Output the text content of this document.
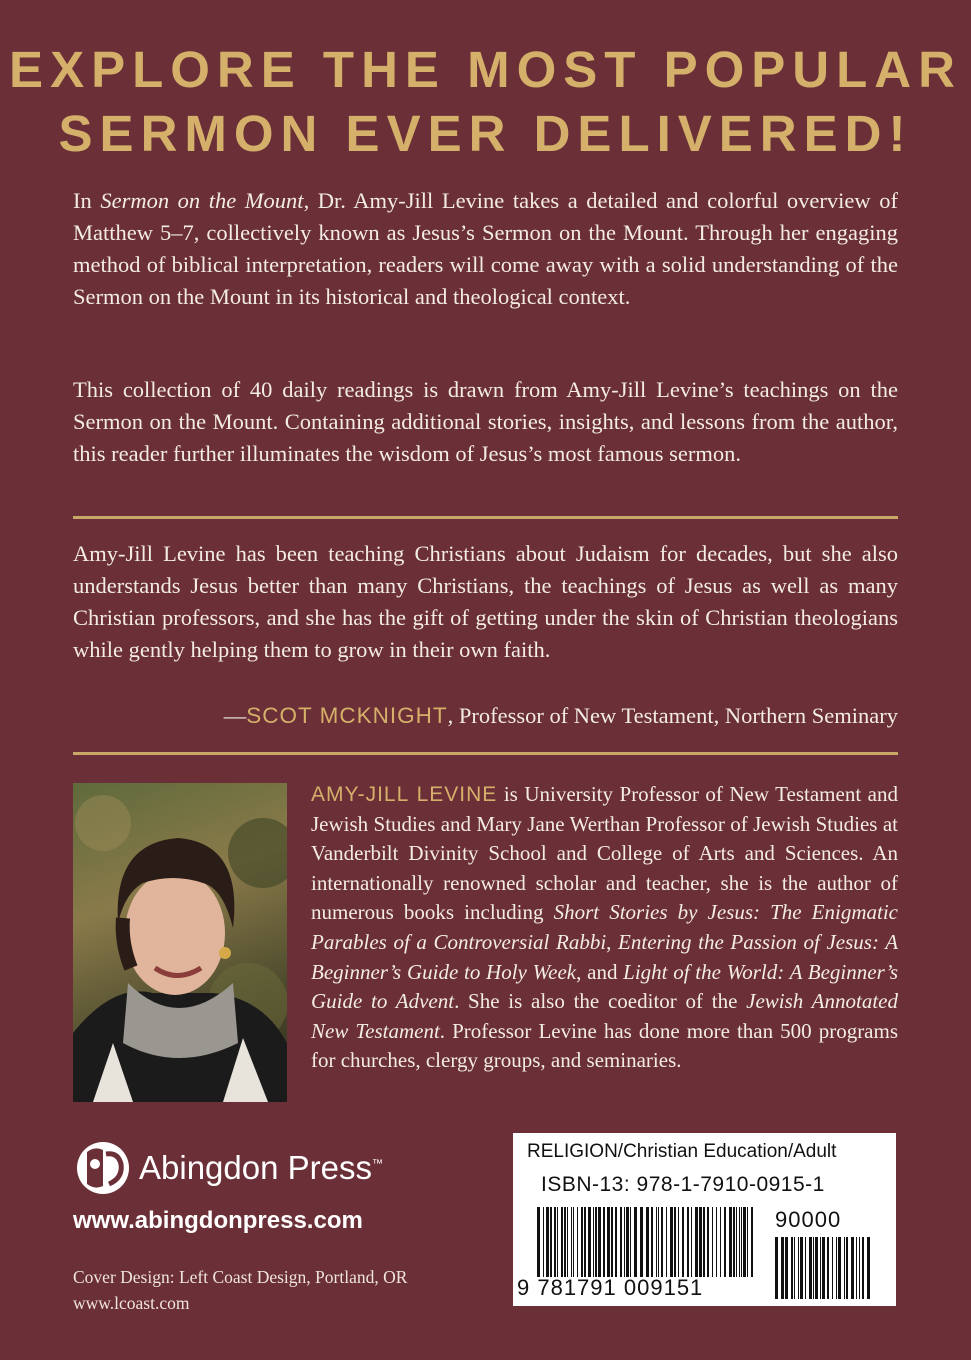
EXPLORE THE MOST POPULAR
SERMON EVER DELIVERED!
In Sermon on the Mount, Dr. Amy-Jill Levine takes a detailed and colorful overview of Matthew 5–7, collectively known as Jesus’s Sermon on the Mount. Through her engaging method of biblical interpretation, readers will come away with a solid understanding of the Sermon on the Mount in its historical and theological context.
This collection of 40 daily readings is drawn from Amy-Jill Levine’s teachings on the Sermon on the Mount. Containing additional stories, insights, and lessons from the author, this reader further illuminates the wisdom of Jesus’s most famous sermon.
Amy-Jill Levine has been teaching Christians about Judaism for decades, but she also understands Jesus better than many Christians, the teachings of Jesus as well as many Christian professors, and she has the gift of getting under the skin of Christian theologians while gently helping them to grow in their own faith.
—SCOT MCKNIGHT, Professor of New Testament, Northern Seminary
AMY-JILL LEVINE is University Professor of New Testament and Jewish Studies and Mary Jane Werthan Professor of Jewish Studies at Vanderbilt Divinity School and College of Arts and Sciences. An internationally renowned scholar and teacher, she is the author of numerous books including Short Stories by Jesus: The Enigmatic Parables of a Controversial Rabbi, Entering the Passion of Jesus: A Beginner’s Guide to Holy Week, and Light of the World: A Beginner’s Guide to Advent. She is also the coeditor of the Jewish Annotated New Testament. Professor Levine has done more than 500 programs for churches, clergy groups, and seminaries.
Abingdon Press™
www.abingdonpress.com
Cover Design: Left Coast Design, Portland, OR
www.lcoast.com
RELIGION/Christian Education/Adult
ISBN-13: 978-1-7910-0915-1
9 781791 009151
90000
